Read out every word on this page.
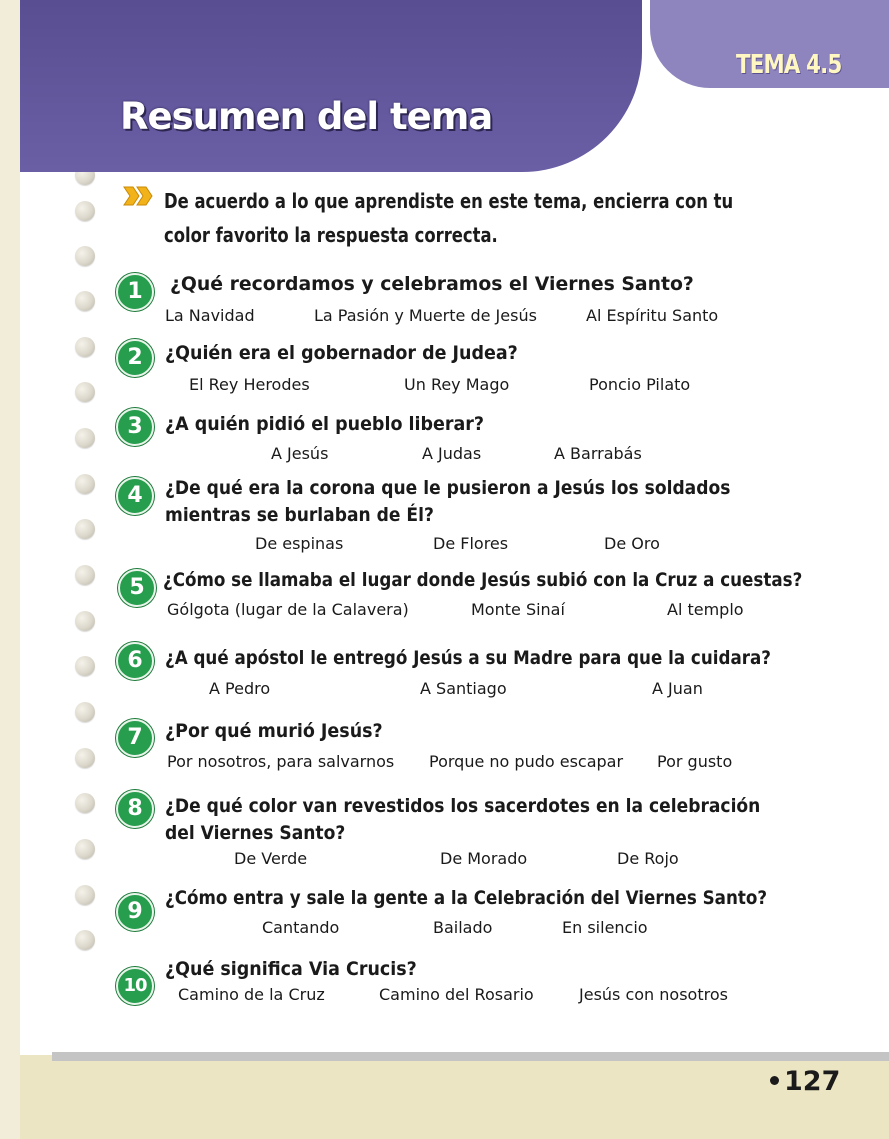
TEMA 4.5
Resumen del tema
De acuerdo a lo que aprendiste en este tema, encierra con tu
color favorito la respuesta correcta.
1	¿Qué recordamos y celebramos el Viernes Santo?
La Navidad	La Pasión y Muerte de Jesús	Al Espíritu Santo
2	¿Quién era el gobernador de Judea?
El Rey Herodes	Un Rey Mago	Poncio Pilato
3	¿A quién pidió el pueblo liberar?
A Jesús	A Judas	A Barrabás
4	¿De qué era la corona que le pusieron a Jesús los soldados
mientras se burlaban de Él?
De espinas	De Flores	De Oro
5 ¿Cómo se llamaba el lugar donde Jesús subió con la Cruz a cuestas?
Gólgota (lugar de la Calavera)	Monte Sinaí	Al templo
6	¿A qué apóstol le entregó Jesús a su Madre para que la cuidara?
A Pedro	A Santiago	A Juan
7	¿Por qué murió Jesús?
Por nosotros, para salvarnos Porque no pudo escapar Por gusto
8	¿De qué color van revestidos los sacerdotes en la celebración
del Viernes Santo?
De Verde	De Morado	De Rojo
9
¿Cómo entra y sale la gente a la Celebración del Viernes Santo?
Cantando	Bailado	En silencio
10
¿Qué significa Via Crucis?
Camino de la Cruz	Camino del Rosario	Jesús con nosotros
127
